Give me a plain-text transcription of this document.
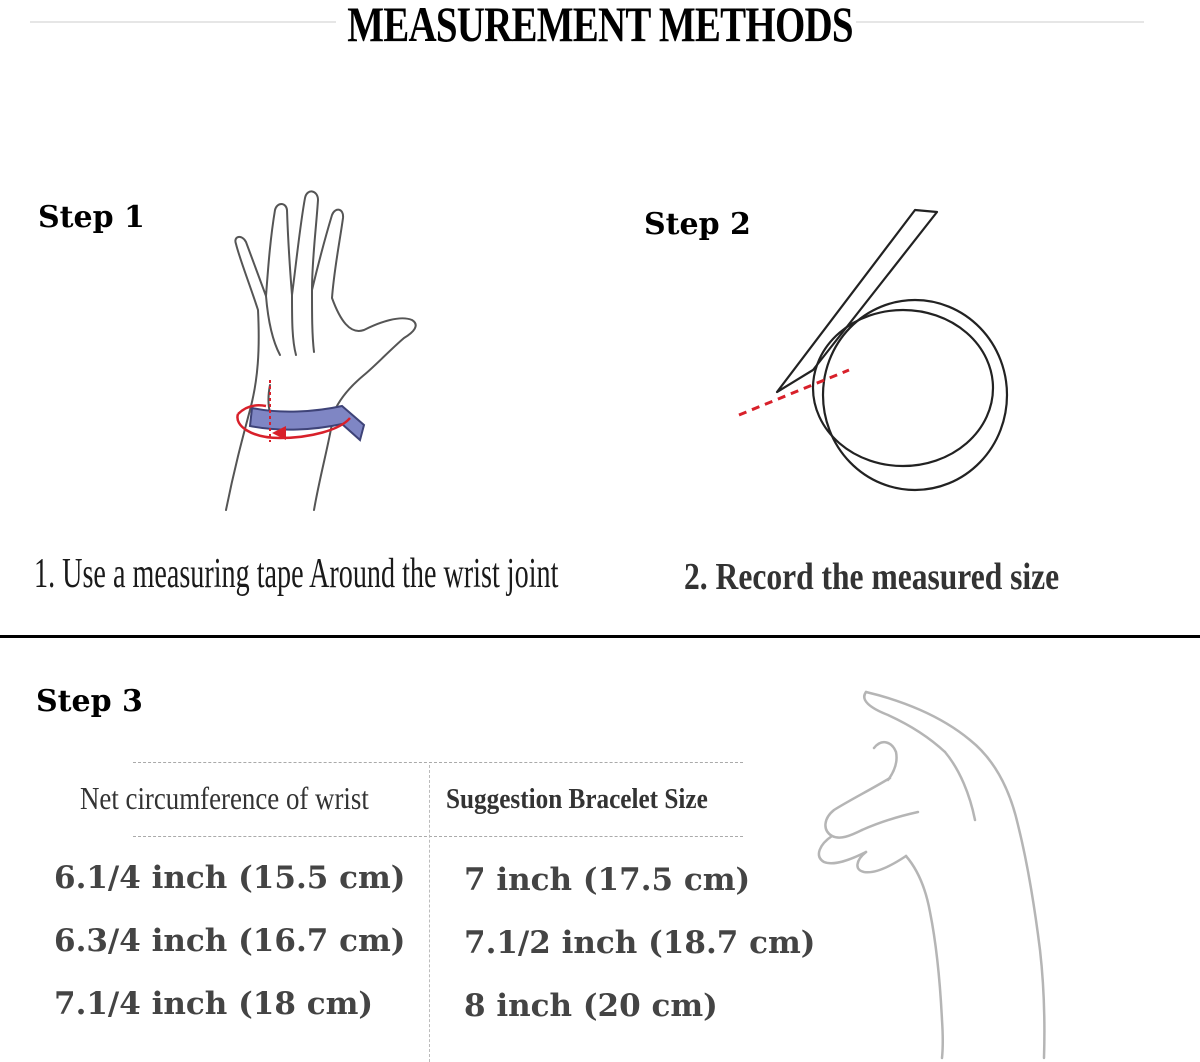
MEASUREMENT METHODS
Step 1
1. Use a measuring tape Around the wrist joint
Step 2
2. Record the measured size
Step 3
Net circumference of wrist	Suggestion Bracelet Size
6.1/4 inch (15.5 cm) 7 inch (17.5 cm)
6.3/4 inch (16.7 cm) 7.1/2 inch (18.7 cm)
7.1/4 inch (18 cm)	8 inch (20 cm)
